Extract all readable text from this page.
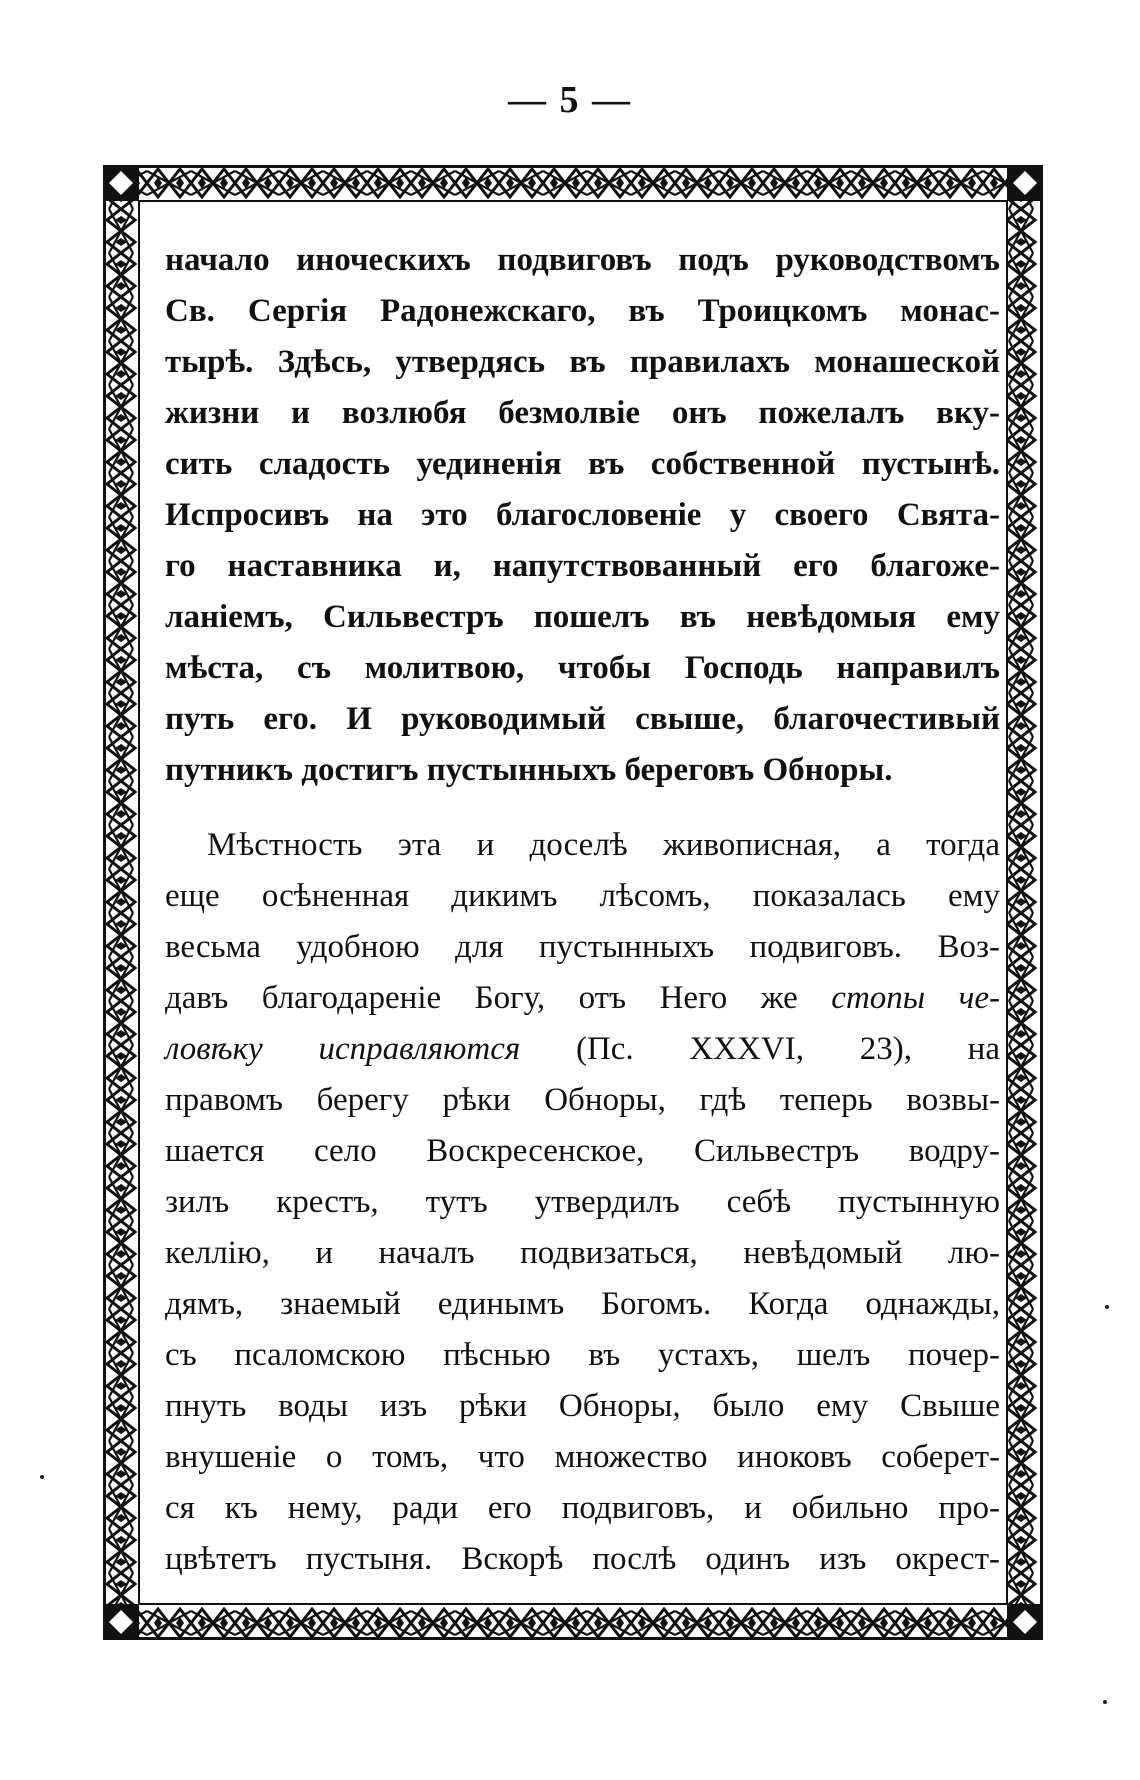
— 5 —
начало иноческихъ подвиговъ подъ руководствомъ
Св. Сергія Радонежскаго, въ Троицкомъ монас-
тырѣ. Здѣсь, утвердясь въ правилахъ монашеской
жизни и возлюбя безмолвіе онъ пожелалъ вку-
сить сладость уединенія въ собственной пустынѣ.
Испросивъ на это благословеніе у своего Свята-
го наставника и, напутствованный его благоже-
ланіемъ, Сильвестръ пошелъ въ невѣдомыя ему
мѣста, съ молитвою, чтобы Господь направилъ
путь его. И руководимый свыше, благочестивый
путникъ достигъ пустынныхъ береговъ Обноры.
Мѣстность эта и доселѣ живописная, а тогда
еще осѣненная дикимъ лѣсомъ, показалась ему
весьма удобною для пустынныхъ подвиговъ. Воз-
давъ благодареніе Богу, отъ Него же стопы че-
ловѣку исправляются (Пс. XXXVI, 23), на
правомъ берегу рѣки Обноры, гдѣ теперь возвы-
шается село Воскресенское, Сильвестръ водру-
зилъ крестъ, тутъ утвердилъ себѣ пустынную
келлію, и началъ подвизаться, невѣдомый лю-
дямъ, знаемый единымъ Богомъ. Когда однажды,
съ псаломскою пѣснью въ устахъ, шелъ почер-
пнуть воды изъ рѣки Обноры, было ему Свыше
внушеніе о томъ, что множество иноковъ соберет-
ся къ нему, ради его подвиговъ, и обильно про-
цвѣтетъ пустыня. Вскорѣ послѣ одинъ изъ окрест-
